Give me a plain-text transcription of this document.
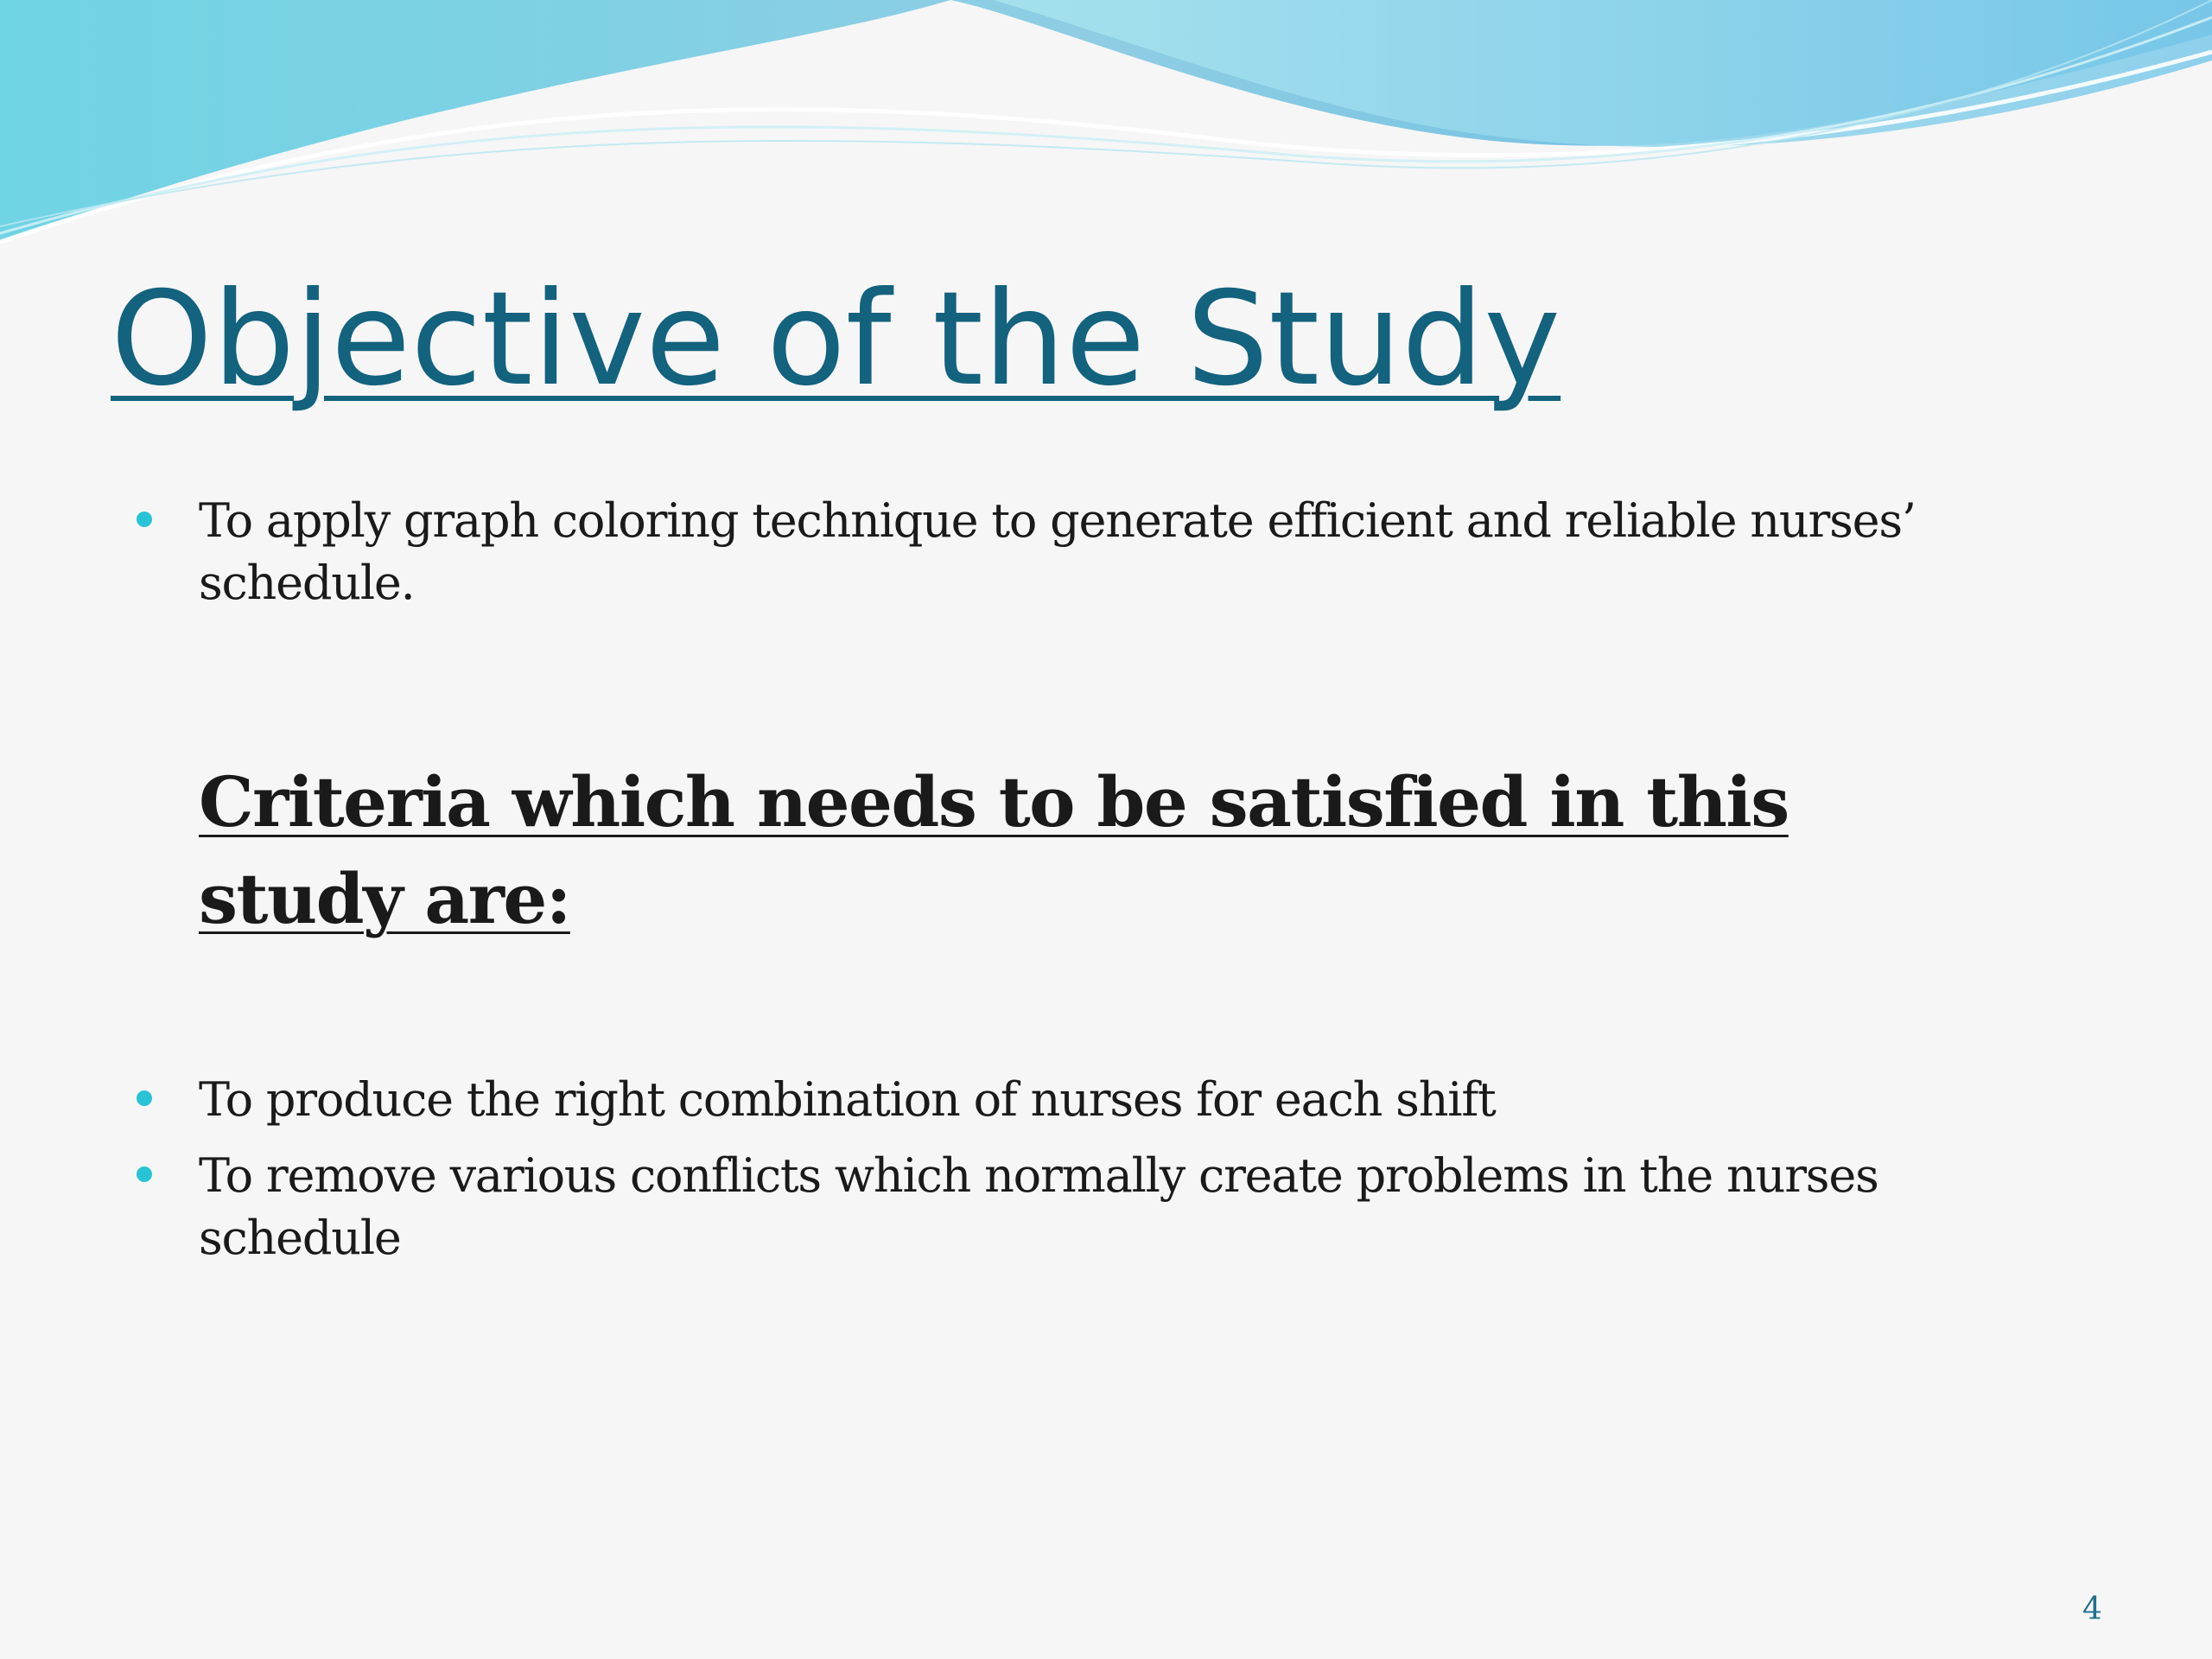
Objective of the Study

To apply graph coloring technique to generate efficient and reliable nurses’ schedule.

Criteria which needs to be satisfied in this study are:

To produce the right combination of nurses for each shift

To remove various conflicts which normally create problems in the nurses schedule

4
